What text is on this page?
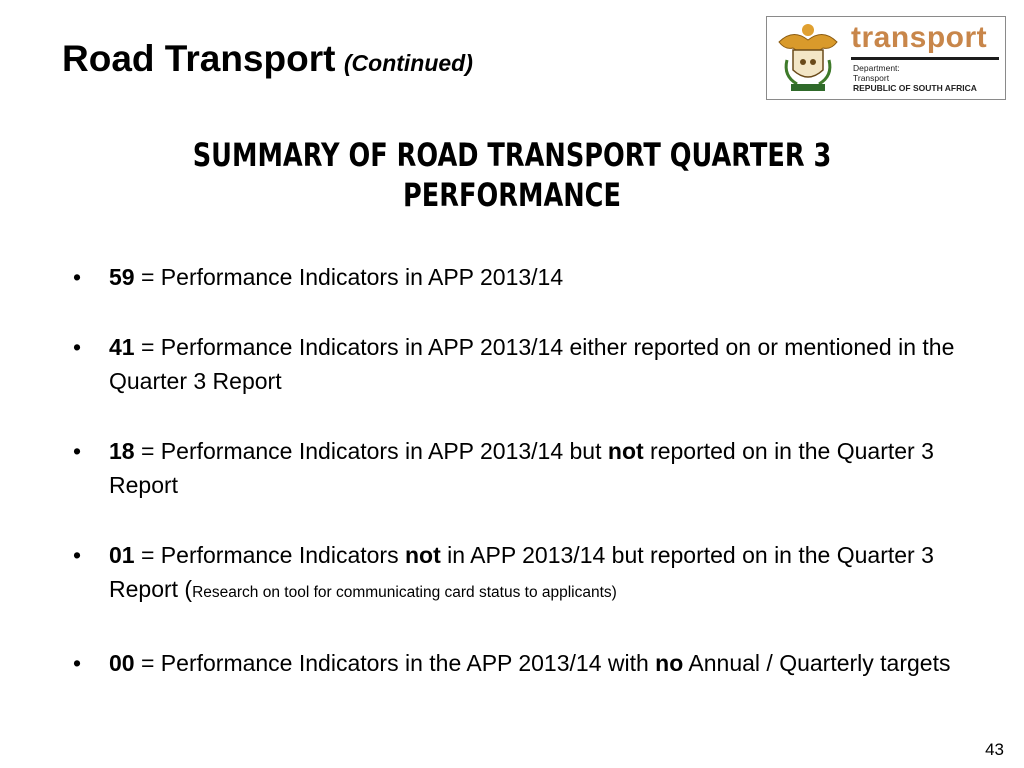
Road Transport (Continued)
transport
Department:
Transport
REPUBLIC OF SOUTH AFRICA
SUMMARY OF ROAD TRANSPORT QUARTER 3
PERFORMANCE
• 59 = Performance Indicators in APP 2013/14
• 41 = Performance Indicators in APP 2013/14 either reported on or mentioned in the Quarter 3 Report
• 18 = Performance Indicators in APP 2013/14 but not reported on in the Quarter 3 Report
• 01 = Performance Indicators not in APP 2013/14 but reported on in the Quarter 3 Report (Research on tool for communicating card status to applicants)
• 00 = Performance Indicators in the APP 2013/14 with no Annual / Quarterly targets
43
